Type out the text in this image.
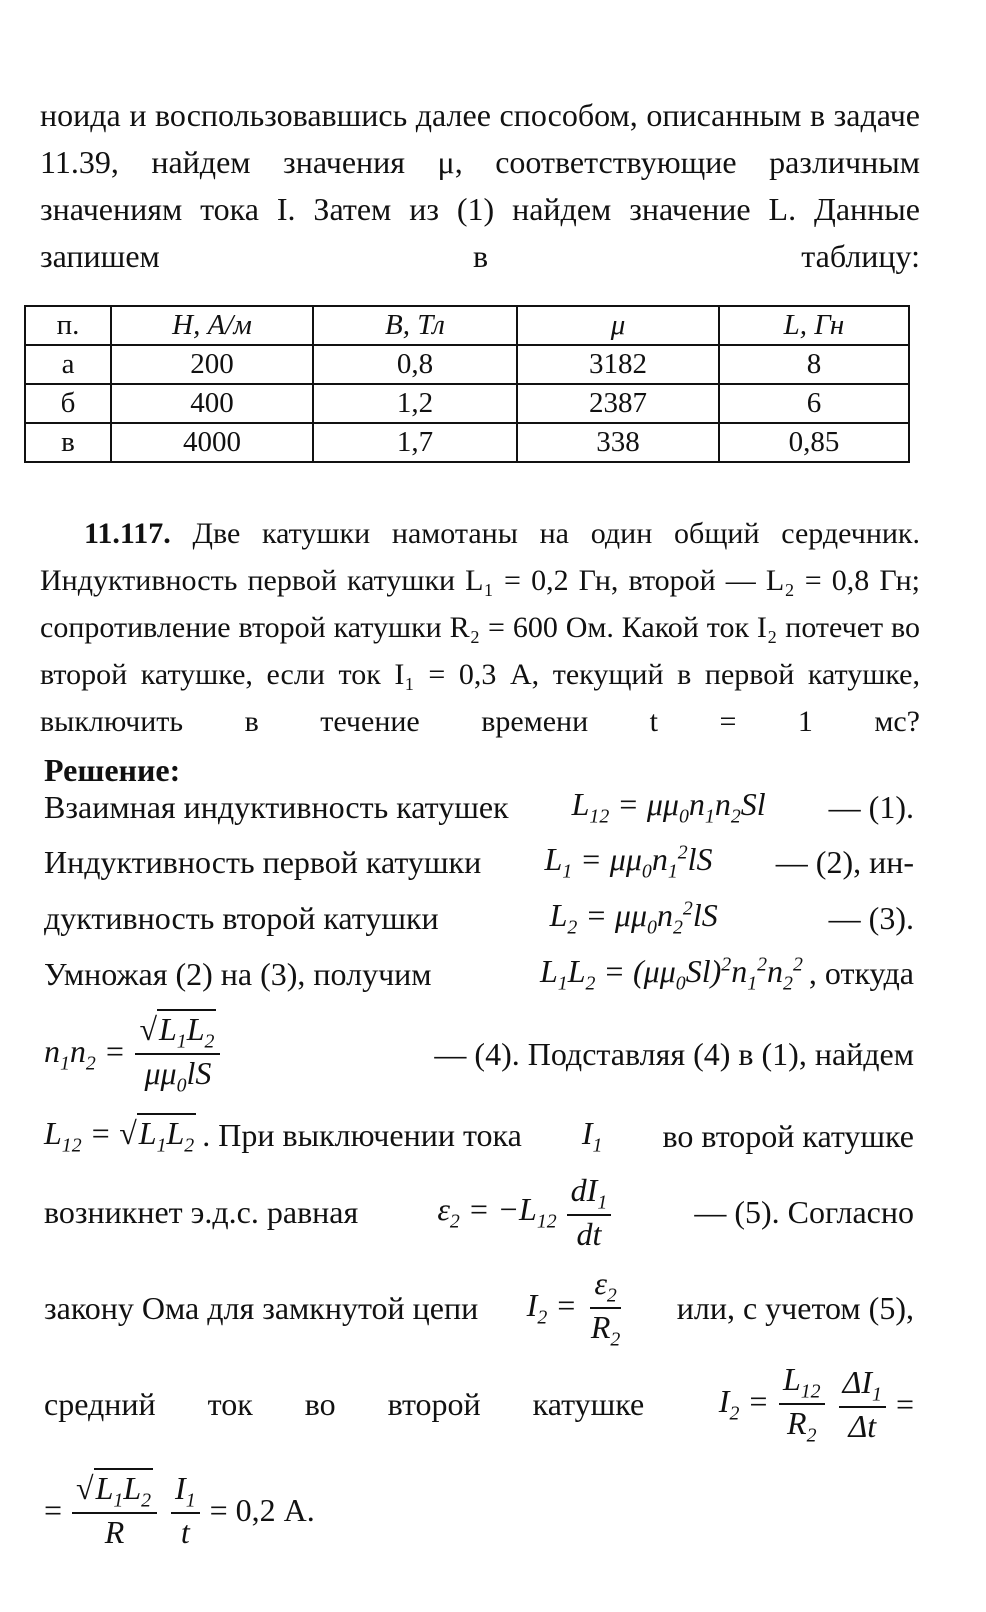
ноида и воспользовавшись далее способом, описанным в задаче 11.39, найдем значения μ, соответствующие различным значениям тока I. Затем из (1) найдем значение L. Данные запишем в таблицу:

п.	H, А/м	B, Тл	μ	L, Гн
а	200	0,8	3182	8
б	400	1,2	2387	6
в	4000	1,7	338	0,85
11.117. Две катушки намотаны на один общий сердечник. Индуктивность первой катушки L₁ = 0,2 Гн, второй — L₂ = 0,8 Гн; сопротивление второй катушки R₂ = 600 Ом. Какой ток I₂ потечет во второй катушке, если ток I₁ = 0,3 А, текущий в первой катушке, выключить в течение времени t = 1 мс?
Решение:
Взаимная индуктивность катушек $L_{12} = \mu\mu_0n_1n_2Sl$ — (1).
Индуктивность первой катушки $L_1 = \mu\mu_0n_1^2lS$ — (2), ин-
дуктивность второй катушки	$L_2 = \mu\mu_0n_2^2lS$	— (3).
Умножая (2) на (3), получим	$L_1L_2 = (\mu\mu_0Sl)^2n_1^2n_2^2$ , откуда
$n_1n_2 = \frac{√L_1L_2}{\mu\mu_0lS}$	— (4). Подставляя (4) в (1), найдем
$L_{12} = √L_1L_2$ . При выключении тока $I_1$ во второй катушке
возникнет э.д.с. равная $\varepsilon_2 = -L_{12} \frac{dI_1}{dt}$	— (5). Согласно
закону Ома для замкнутой цепи $I_2 = \frac{\varepsilon_2}{R_2}$ или, с учетом (5),
средний ток во второй катушке $I_2 = \frac{L_{12}}{R_2} \frac{\Delta I_1}{\Delta t}$ =
= $\frac{√L_1L_2}{R} \frac{I_1}{t} = 0,2$ А.
